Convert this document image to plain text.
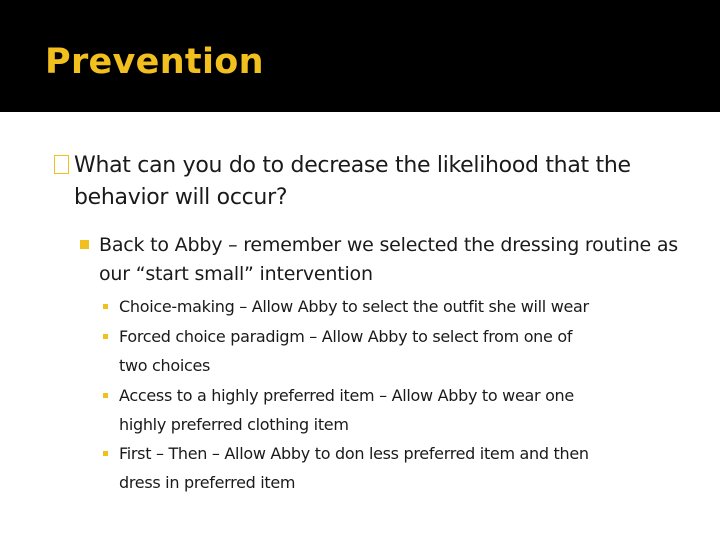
Prevention
What can you do to decrease the likelihood that the behavior will occur?
Back to Abby – remember we selected the dressing routine as our “start small” intervention
Choice-making – Allow Abby to select the outfit she will wear
Forced choice paradigm – Allow Abby to select from one of
two choices
Access to a highly preferred item – Allow Abby to wear one
highly preferred clothing item
First – Then – Allow Abby to don less preferred item and then
dress in preferred item
